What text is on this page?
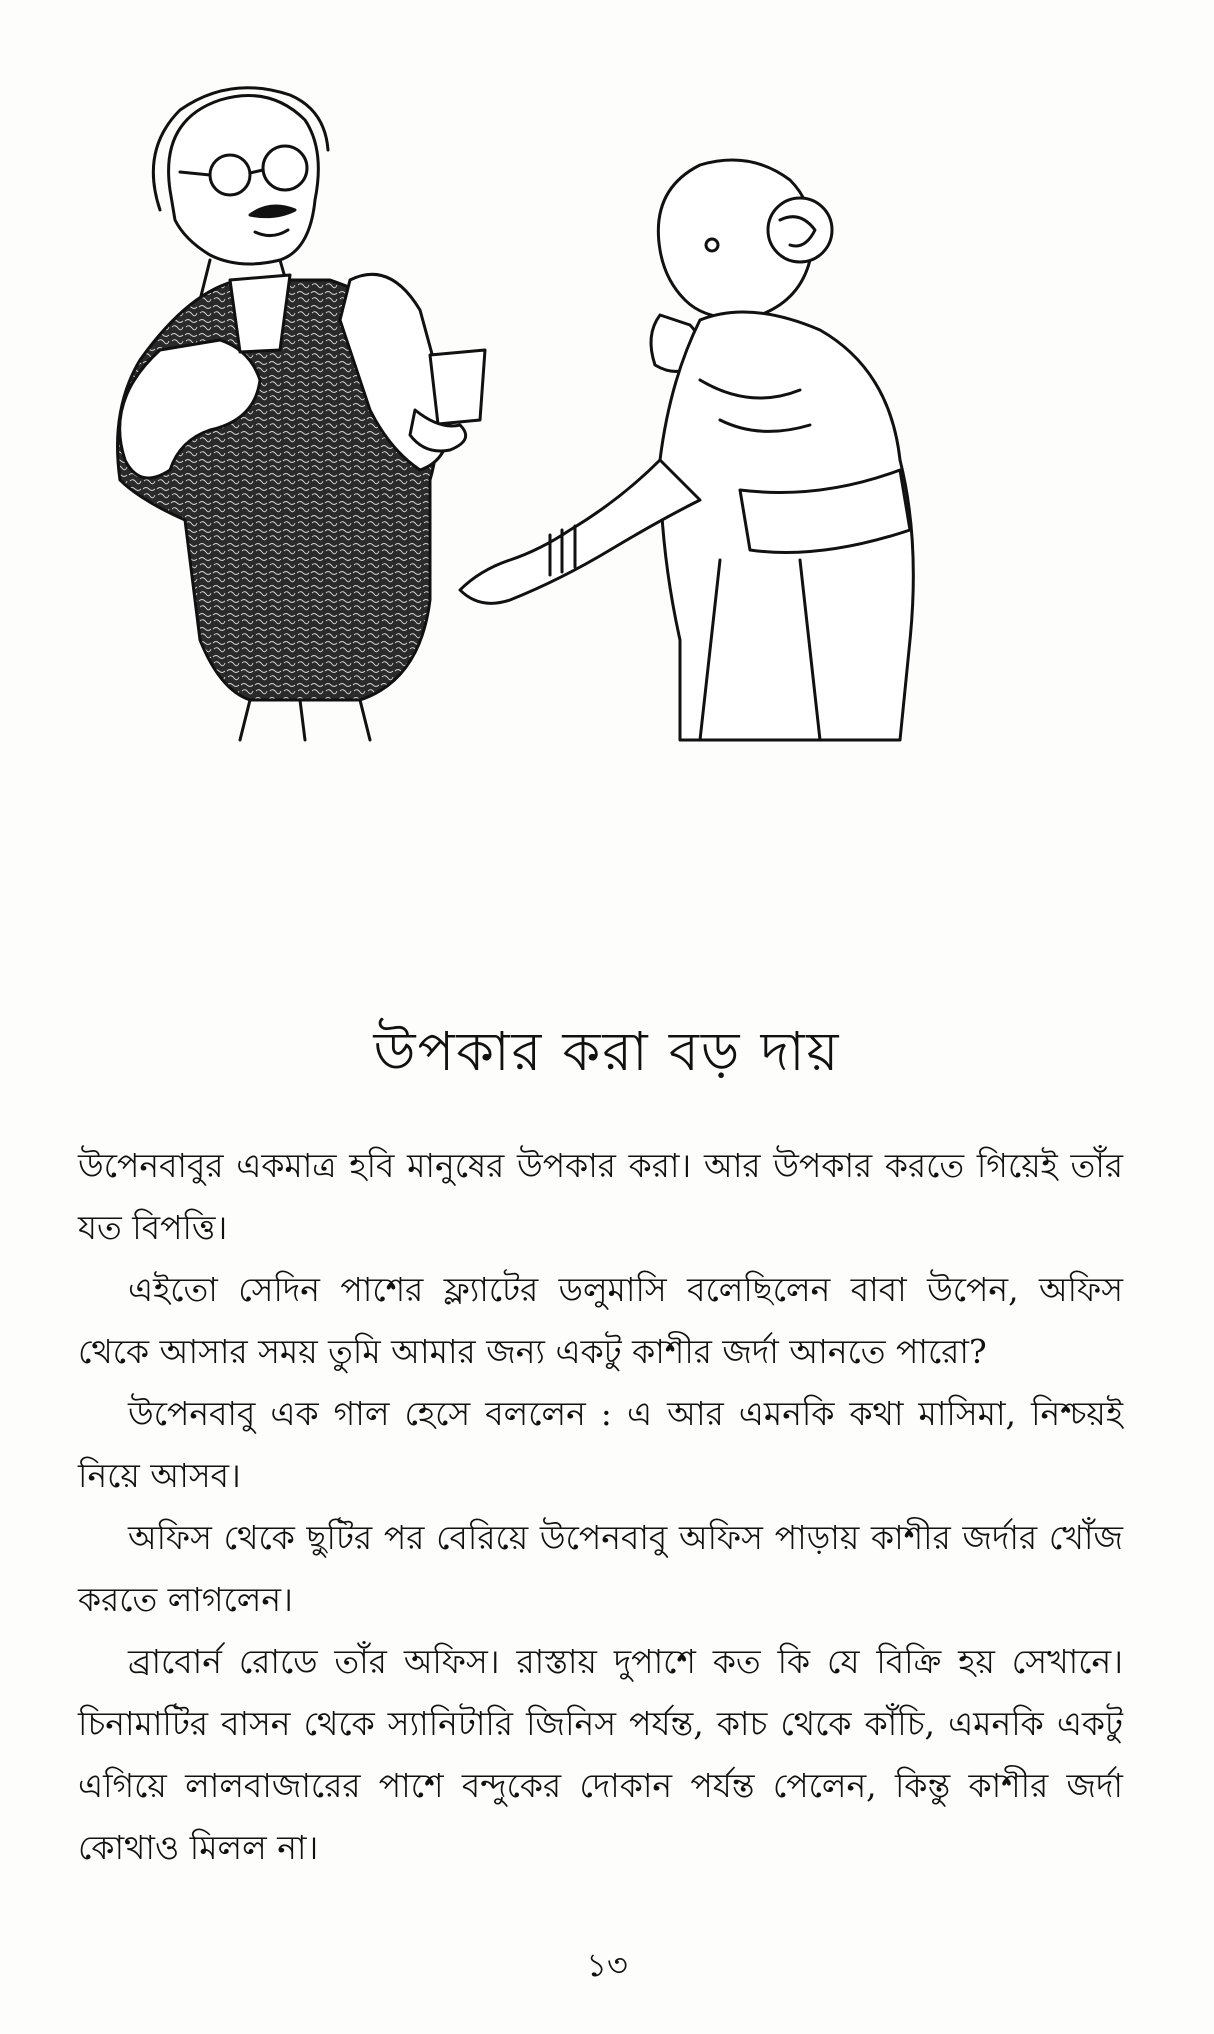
উপকার করা বড় দায়

উপেনবাবুর একমাত্র হবি মানুষের উপকার করা। আর উপকার করতে গিয়েই তাঁর যত বিপত্তি।

এইতো সেদিন পাশের ফ্ল্যাটের ডলুমাসি বলেছিলেন বাবা উপেন, অফিস থেকে আসার সময় তুমি আমার জন্য একটু কাশীর জর্দা আনতে পারো?

উপেনবাবু এক গাল হেসে বললেন : এ আর এমনকি কথা মাসিমা, নিশ্চয়ই নিয়ে আসব।

অফিস থেকে ছুটির পর বেরিয়ে উপেনবাবু অফিস পাড়ায় কাশীর জর্দার খোঁজ করতে লাগলেন।

ব্রাবোর্ন রোডে তাঁর অফিস। রাস্তায় দুপাশে কত কি যে বিক্রি হয় সেখানে। চিনামাটির বাসন থেকে স্যানিটারি জিনিস পর্যন্ত, কাচ থেকে কাঁচি, এমনকি একটু এগিয়ে লালবাজারের পাশে বন্দুকের দোকান পর্যন্ত পেলেন, কিন্তু কাশীর জর্দা কোথাও মিলল না।

১৩
